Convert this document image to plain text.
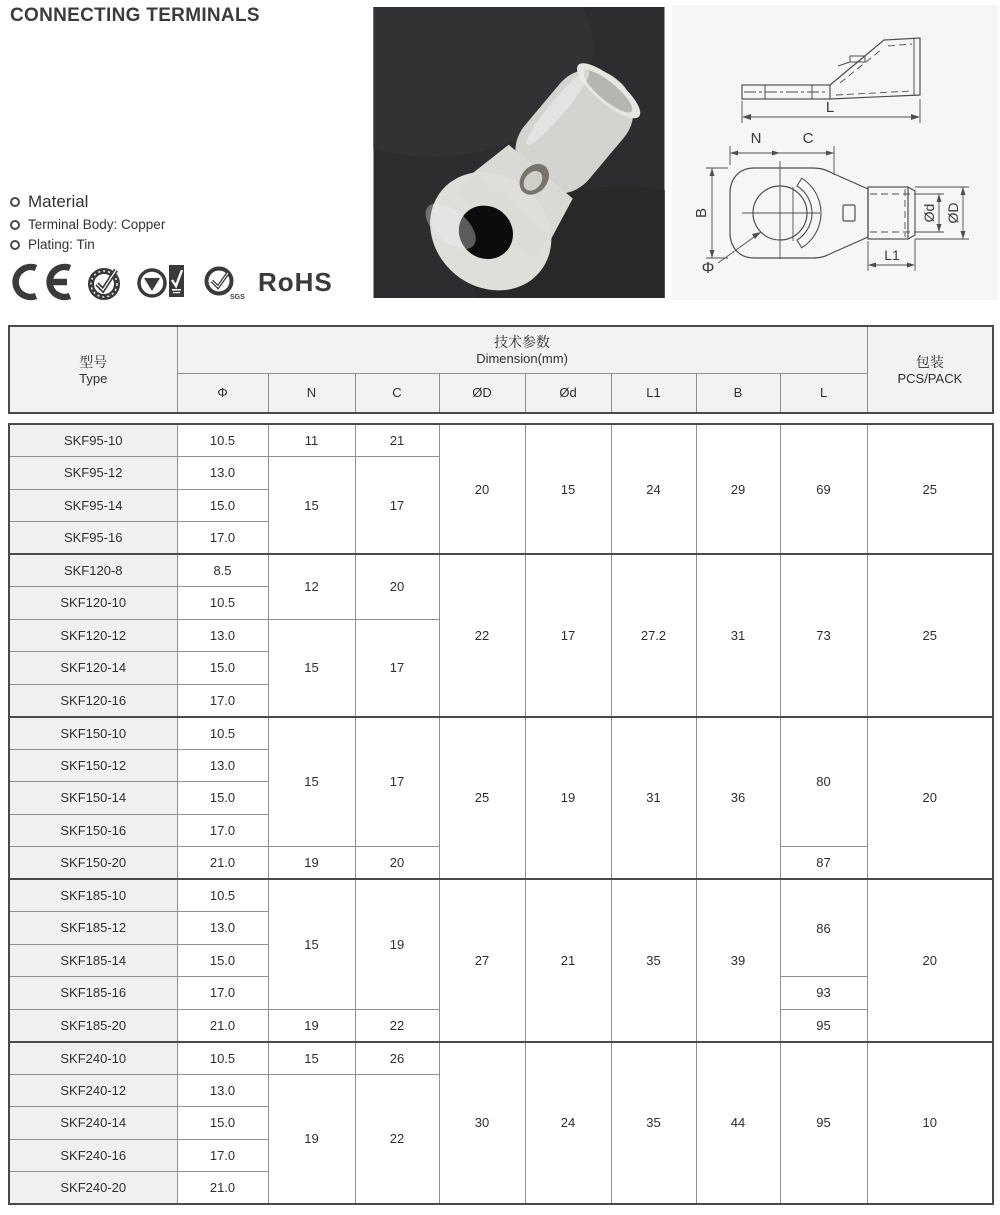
CONNECTING TERMINALS
Material
Terminal Body: Copper
Plating: Tin
SGS
RoHS
L
N	C
B
Φ
L1
Ød ØD
型号
Type	技术参数
Dimension(mm)								包装
PCS/PACK

	Φ	N	C	ØD	Ød	L1	B	L	
SKF95-10	10.5	11	21	20	15	24	29	69	25
SKF95-12	13.0	15	17						
SKF95-14	15.0								
SKF95-16	17.0								
SKF120-8	8.5	12	20	22	17	27.2	31	73	25
SKF120-10	10.5								
SKF120-12	13.0	15	17						
SKF120-14	15.0								
SKF120-16	17.0								
SKF150-10	10.5	15	17	25	19	31	36	80	20
SKF150-12	13.0								
SKF150-14	15.0								
SKF150-16	17.0								
SKF150-20	21.0	19	20					87	
SKF185-10	10.5	15	19	27	21	35	39	86	20
SKF185-12	13.0								
SKF185-14	15.0								
SKF185-16	17.0							93	
SKF185-20	21.0	19	22					95	
SKF240-10	10.5	15	26	30	24	35	44	95	10
SKF240-12	13.0	19	22						
SKF240-14	15.0								
SKF240-16	17.0								
SKF240-20	21.0								
